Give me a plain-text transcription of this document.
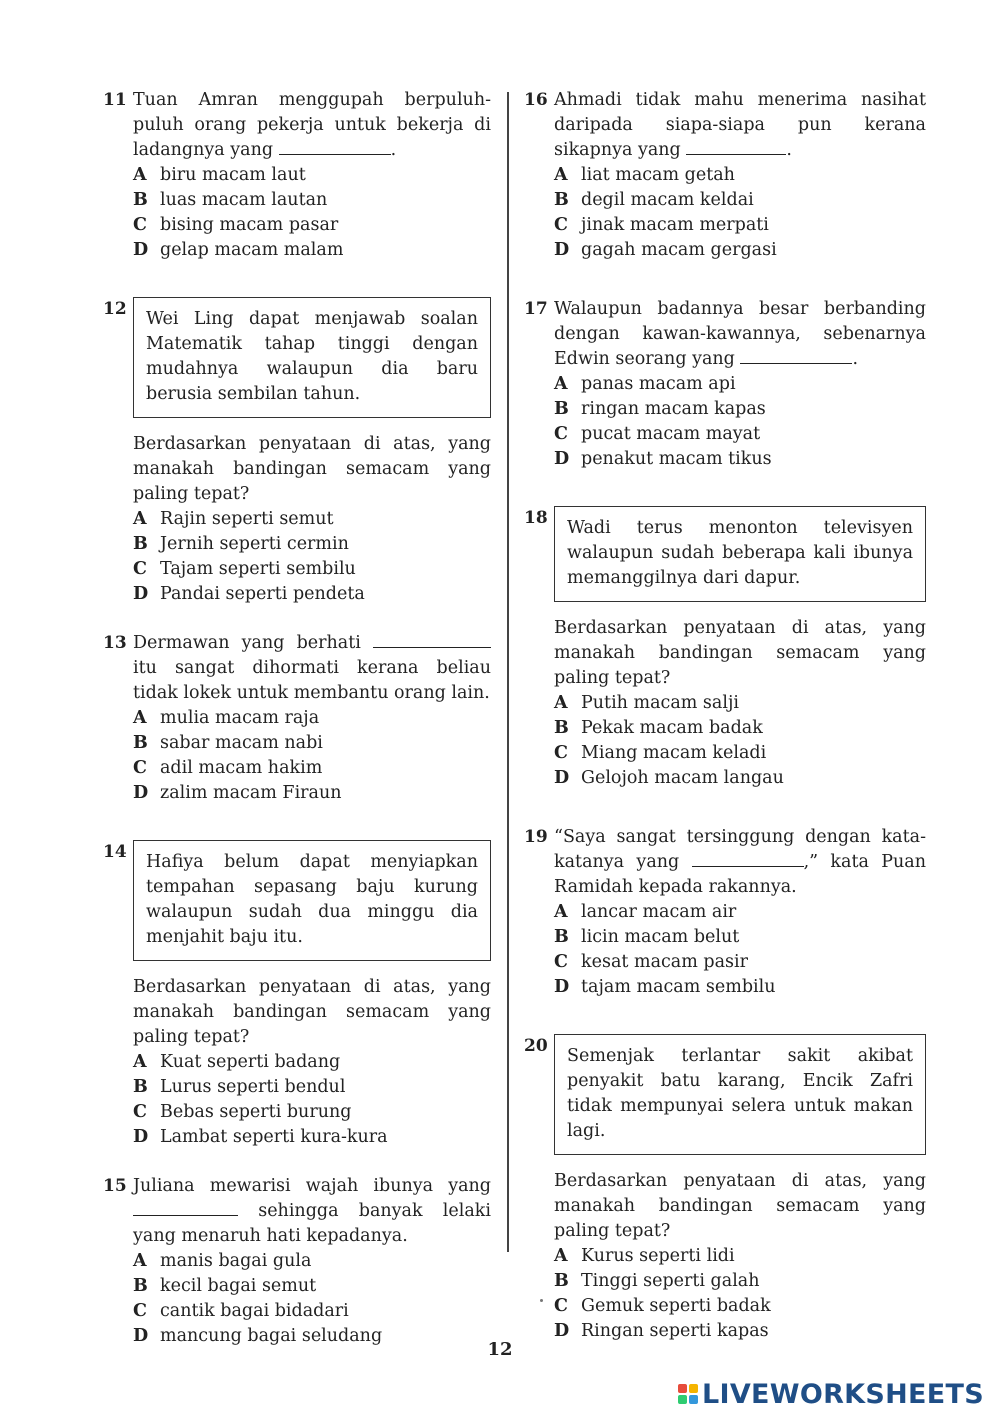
11 Tuan Amran menggupah berpuluh-puluh orang pekerja untuk bekerja di ladangnya yang	.

A biru macam laut
B luas macam lautan
C bising macam pasar
D gelap macam malam
12	Wei Ling dapat menjawab soalan Matematik tahap tinggi dengan mudahnya walaupun dia baru berusia sembilan tahun.

Berdasarkan penyataan di atas, yang manakah bandingan semacam yang paling tepat?

A Rajin seperti semut
B Jernih seperti cermin
C Tajam seperti sembilu
D Pandai seperti pendeta
13 Dermawan yang berhati  itu sangat dihormati kerana beliau tidak lokek untuk membantu orang lain.

A mulia macam raja
B sabar macam nabi
C adil macam hakim
D zalim macam Firaun
14	Hafiya belum dapat menyiapkan tempahan sepasang baju kurung walaupun sudah dua minggu dia menjahit baju itu.

Berdasarkan penyataan di atas, yang manakah bandingan semacam yang paling tepat?

A Kuat seperti badang
B Lurus seperti bendul
C Bebas seperti burung
D Lambat seperti kura-kura
15 Juliana mewarisi wajah ibunya yang  sehingga banyak lelaki yang menaruh hati kepadanya.

A manis bagai gula
B kecil bagai semut
C cantik bagai bidadari
D mancung bagai seludang
16 Ahmadi tidak mahu menerima nasihat daripada siapa-siapa pun kerana sikapnya yang	.

A liat macam getah
B degil macam keldai
C jinak macam merpati
D gagah macam gergasi
17 Walaupun badannya besar berbanding dengan kawan-kawannya, sebenarnya Edwin seorang yang	.

A panas macam api
B ringan macam kapas
C pucat macam mayat
D penakut macam tikus
18	Wadi terus menonton televisyen walaupun sudah beberapa kali ibunya memanggilnya dari dapur.

Berdasarkan penyataan di atas, yang manakah bandingan semacam yang paling tepat?

A Putih macam salji
B Pekak macam badak
C Miang macam keladi
D Gelojoh macam langau
19 “Saya sangat tersinggung dengan kata-katanya yang	,” kata Puan Ramidah kepada rakannya.

A lancar macam air
B licin macam belut
C kesat macam pasir
D tajam macam sembilu
20	Semenjak terlantar sakit akibat penyakit batu karang, Encik Zafri tidak mempunyai selera untuk makan lagi.

Berdasarkan penyataan di atas, yang manakah bandingan semacam yang paling tepat?

A Kurus seperti lidi
B Tinggi seperti galah
C Gemuk seperti badak
D Ringan seperti kapas
12
LIVEWORKSHEETS
